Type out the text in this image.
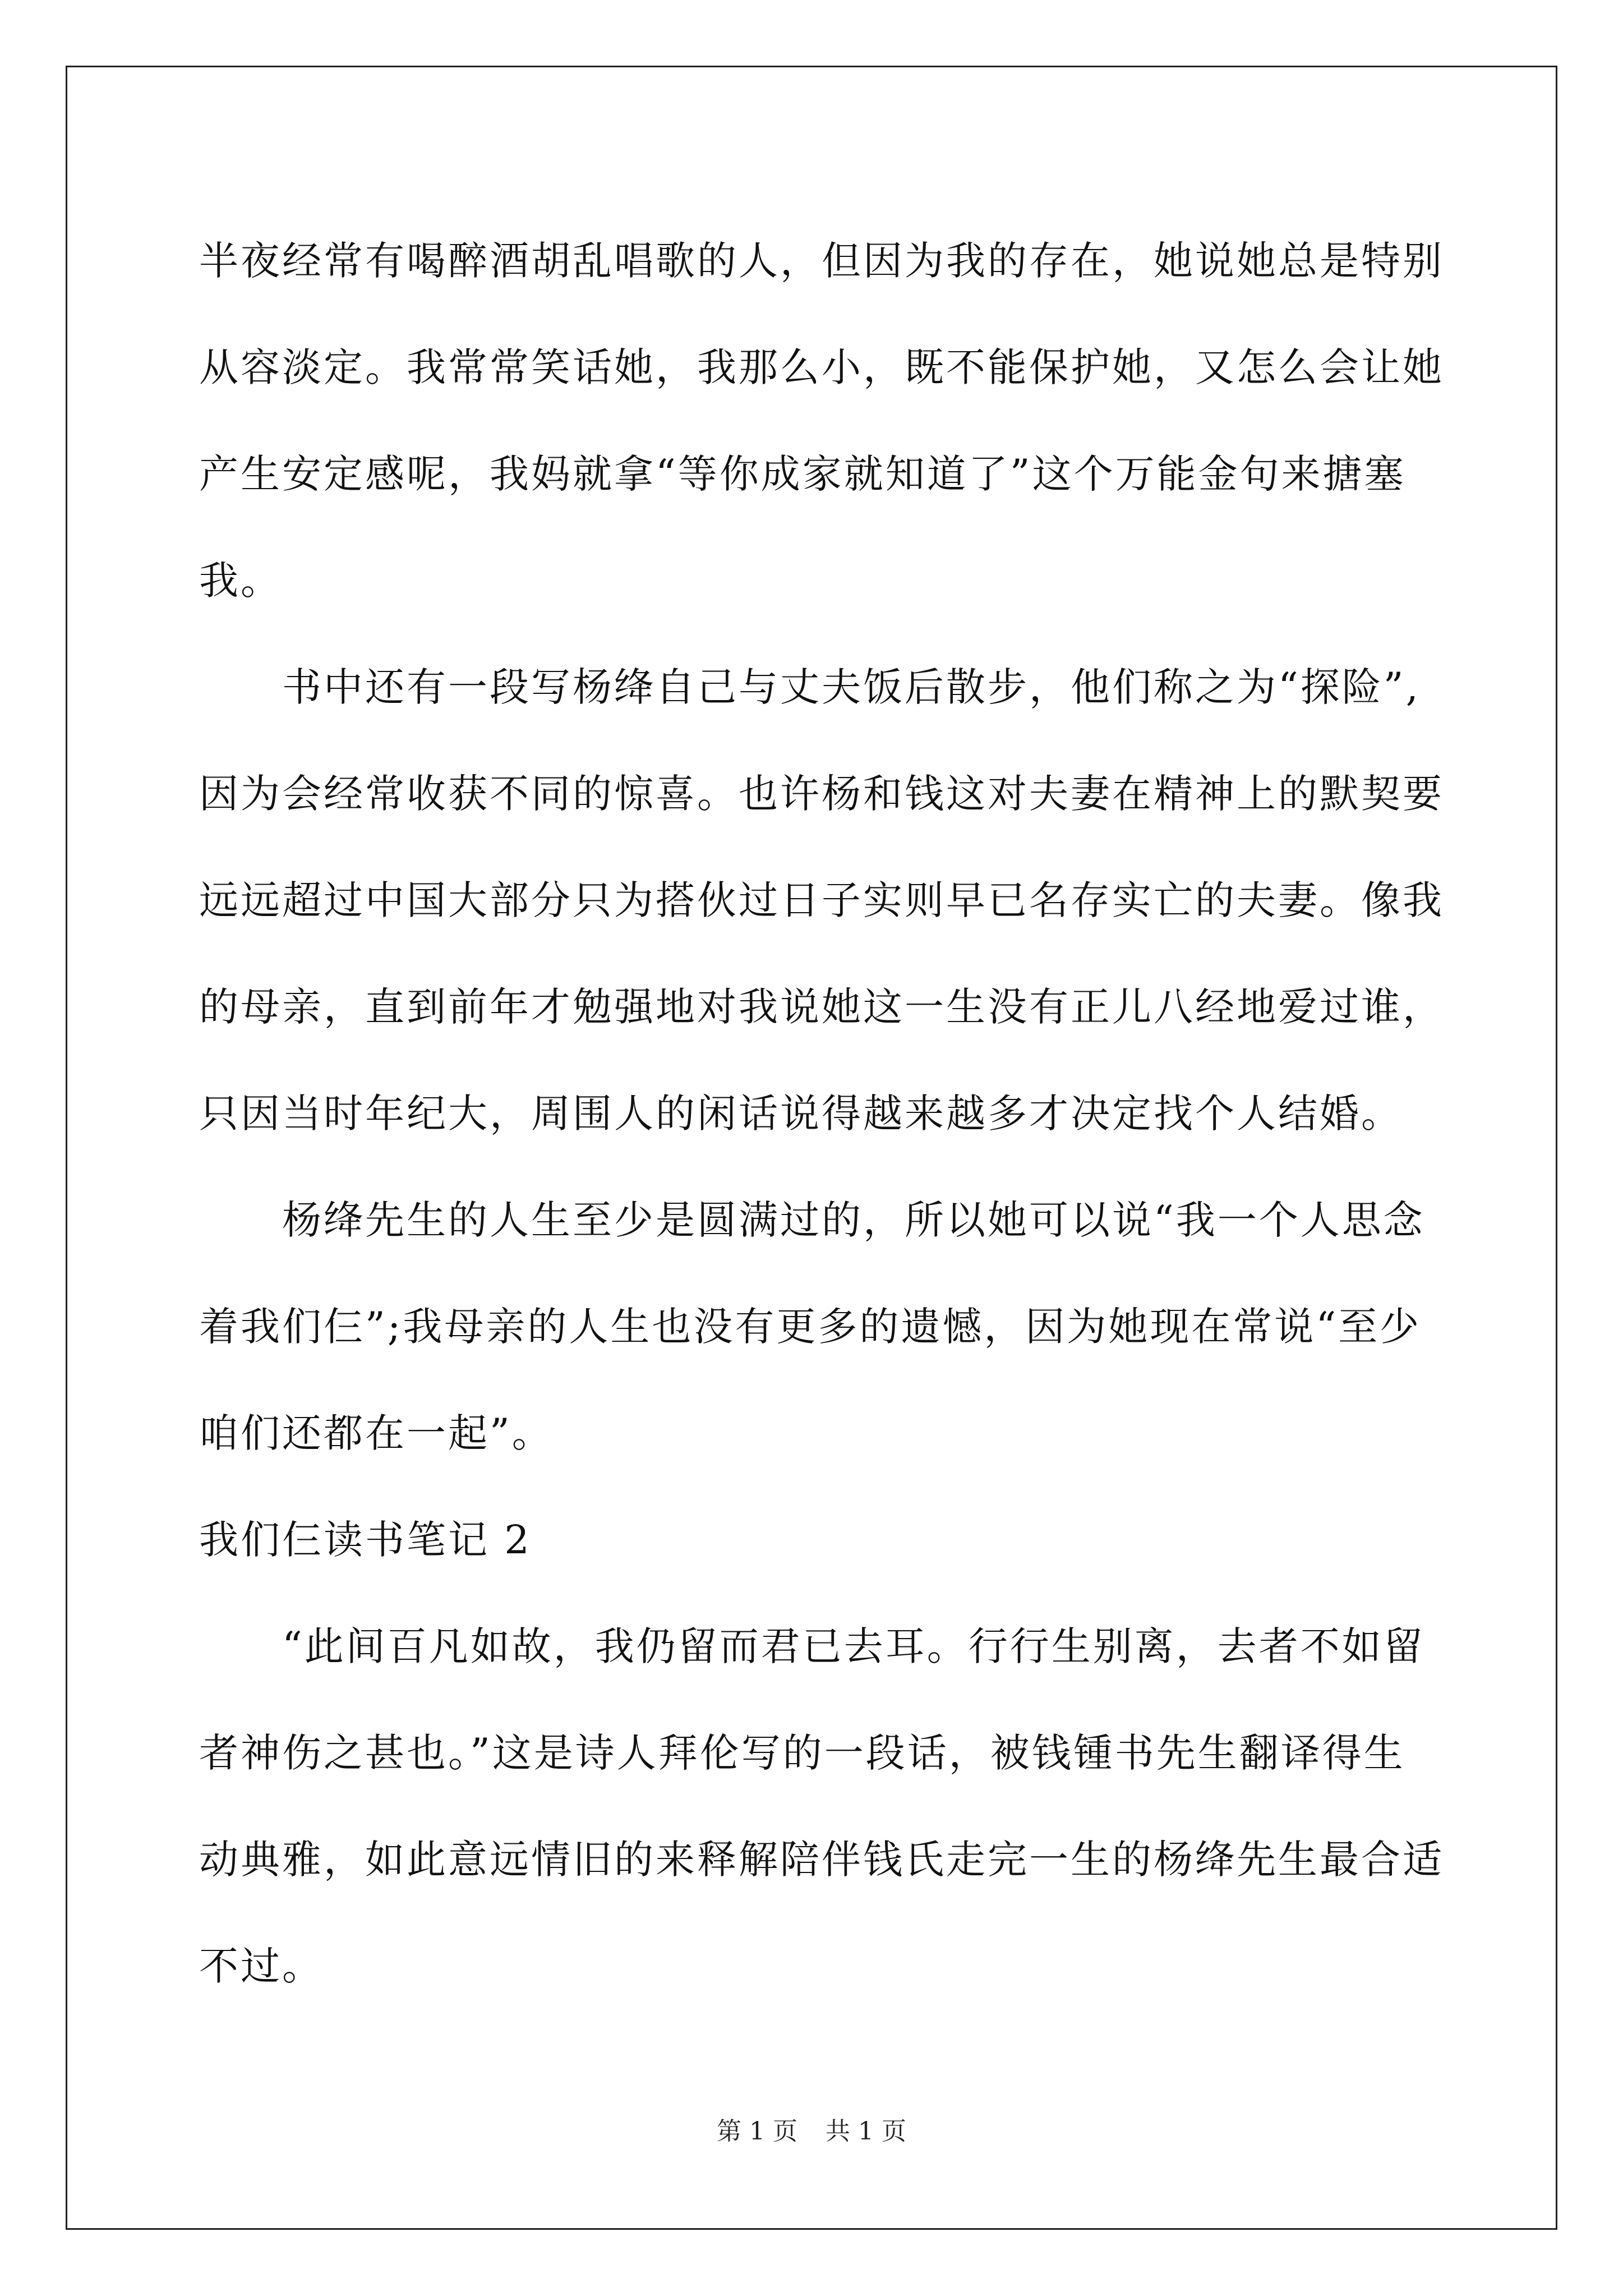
半夜经常有喝醉酒胡乱唱歌的人，但因为我的存在，她说她总是特别
从容淡定。我常常笑话她，我那么小，既不能保护她，又怎么会让她
产生安定感呢，我妈就拿“等你成家就知道了”这个万能金句来搪塞
我。
　　书中还有一段写杨绛自己与丈夫饭后散步，他们称之为“探险”,
因为会经常收获不同的惊喜。也许杨和钱这对夫妻在精神上的默契要
远远超过中国大部分只为搭伙过日子实则早已名存实亡的夫妻。像我
的母亲，直到前年才勉强地对我说她这一生没有正儿八经地爱过谁，
只因当时年纪大，周围人的闲话说得越来越多才决定找个人结婚。
　　杨绛先生的人生至少是圆满过的，所以她可以说“我一个人思念
着我们仨”;我母亲的人生也没有更多的遗憾，因为她现在常说“至少
咱们还都在一起”。
我们仨读书笔记 2
　　“此间百凡如故，我仍留而君已去耳。行行生别离，去者不如留
者神伤之甚也。”这是诗人拜伦写的一段话，被钱锺书先生翻译得生
动典雅，如此意远情旧的来释解陪伴钱氏走完一生的杨绛先生最合适
不过。
第 1 页 共 1 页
